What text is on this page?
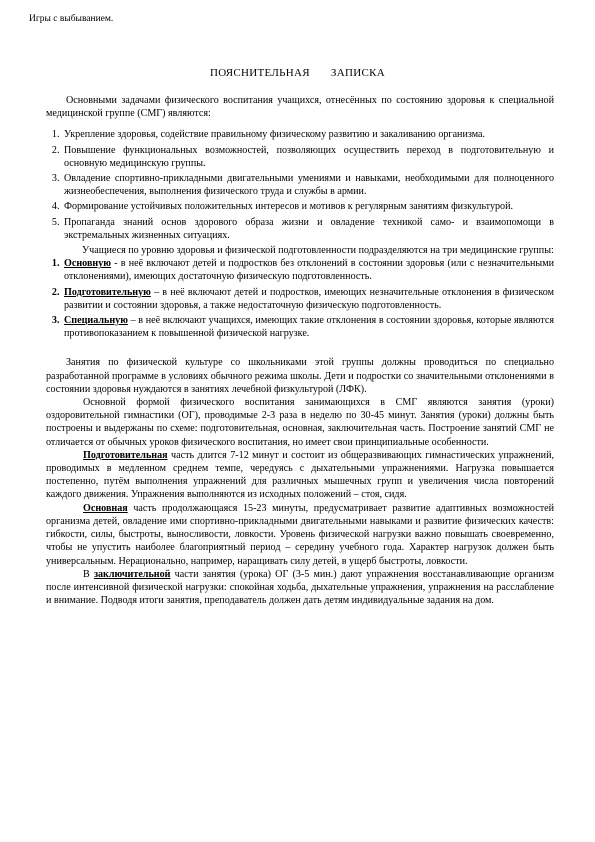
Игры с выбыванием.
ПОЯСНИТЕЛЬНАЯ ЗАПИСКА

Основными задачами физического воспитания учащихся, отнесённых по состоянию здоровья к специальной медицинской группе (СМГ) являются:

1. Укрепление здоровья, содействие правильному физическому развитию и закаливанию организма.
2. Повышение функциональных возможностей, позволяющих осуществить переход в подготовительную и основную медицинскую группы.
3. Овладение спортивно-прикладными двигательными умениями и навыками, необходимыми для полноценного жизнеобеспечения, выполнения физического труда и службы в армии.
4. Формирование устойчивых положительных интересов и мотивов к регулярным занятиям физкультурой.
5. Пропаганда знаний основ здорового образа жизни и овладение техникой само- и взаимопомощи в экстремальных жизненных ситуациях.

Учащиеся по уровню здоровья и физической подготовленности подразделяются на три медицинские группы:

1. Основную - в неё включают детей и подростков без отклонений в состоянии здоровья (или с незначительными отклонениями), имеющих достаточную физическую подготовленность.
2. Подготовительную – в неё включают детей и подростков, имеющих незначительные отклонения в физическом развитии и состоянии здоровья, а также недостаточную физическую подготовленность.
3. Специальную – в неё включают учащихся, имеющих такие отклонения в состоянии здоровья, которые являются противопоказанием к повышенной физической нагрузке.

Занятия по физической культуре со школьниками этой группы должны проводиться по специально разработанной программе в условиях обычного режима школы. Дети и подростки со значительными отклонениями в состоянии здоровья нуждаются в занятиях лечебной физкультурой (ЛФК).

Основной формой физического воспитания занимающихся в СМГ являются занятия (уроки) оздоровительной гимнастики (ОГ), проводимые 2-3 раза в неделю по 30-45 минут. Занятия (уроки) должны быть построены и выдержаны по схеме: подготовительная, основная, заключительная часть. Построение занятий СМГ не отличается от обычных уроков физического воспитания, но имеет свои принципиальные особенности.

Подготовительная часть длится 7-12 минут и состоит из общеразвивающих гимнастических упражнений, проводимых в медленном среднем темпе, чередуясь с дыхательными упражнениями. Нагрузка повышается постепенно, путём выполнения упражнений для различных мышечных групп и увеличения числа повторений каждого движения. Упражнения выполняются из исходных положений – стоя, сидя.

Основная часть продолжающаяся 15-23 минуты, предусматривает развитие адаптивных возможностей организма детей, овладение ими спортивно-прикладными двигательными навыками и развитие физических качеств: гибкости, силы, быстроты, выносливости, ловкости. Уровень физической нагрузки важно повышать своевременно, чтобы не упустить наиболее благоприятный период – середину учебного года. Характер нагрузок должен быть универсальным. Нерационально, например, наращивать силу детей, в ущерб быстроты, ловкости.

В заключительной части занятия (урока) ОГ (3-5 мин.) дают упражнения восстанавливающие организм после интенсивной физической нагрузки: спокойная ходьба, дыхательные упражнения, упражнения на расслабление и внимание. Подводя итоги занятия, преподаватель должен дать детям индивидуальные задания на дом.
